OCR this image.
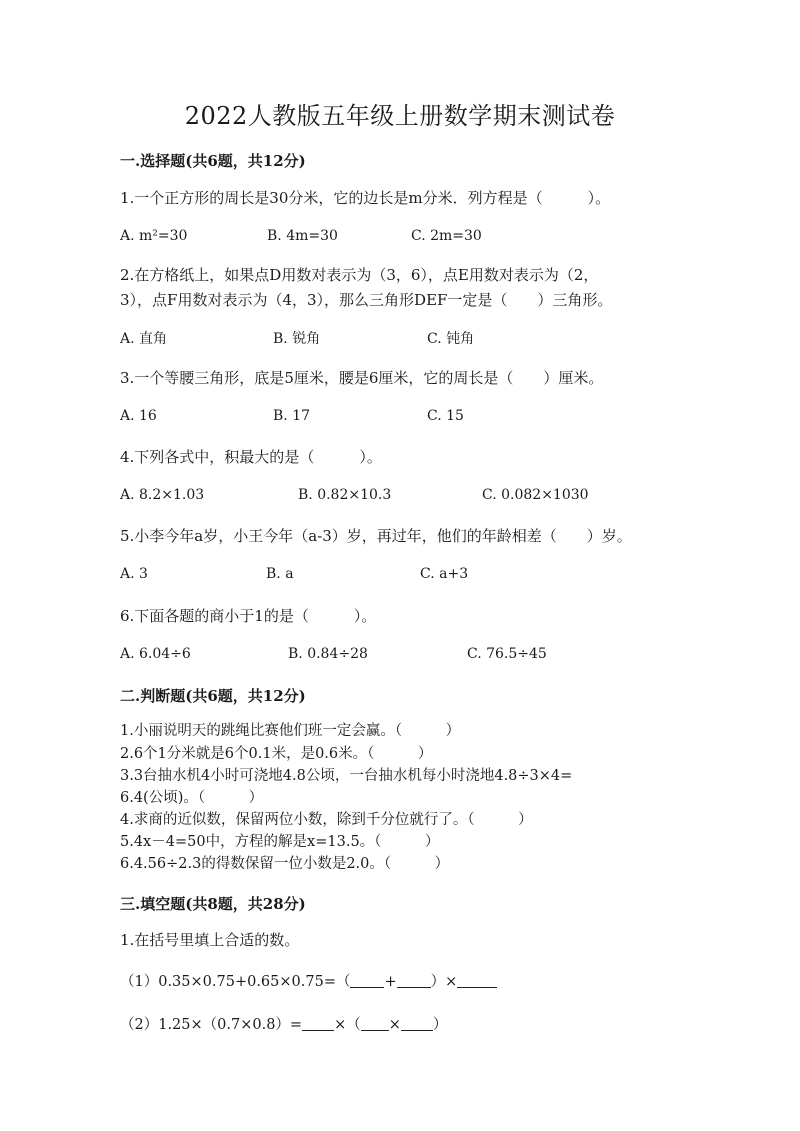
2022人教版五年级上册数学期末测试卷
一.选择题(共6题，共12分)
1.一个正方形的周长是30分米，它的边长是m分米．列方程是（　　　）。
A. m²=30	B. 4m=30	C. 2m=30
2.在方格纸上，如果点D用数对表示为（3，6），点E用数对表示为（2，
3），点F用数对表示为（4，3），那么三角形DEF一定是（　　）三角形。
A. 直角	B. 锐角	C. 钝角
3.一个等腰三角形，底是5厘米，腰是6厘米，它的周长是（　　）厘米。
A. 16	B. 17	C. 15
4.下列各式中，积最大的是（　　　）。
A. 8.2×1.03	B. 0.82×10.3	C. 0.082×1030
5.小李今年a岁，小王今年（a-3）岁，再过年，他们的年龄相差（　　）岁。
A. 3	B. a	C. a+3
6.下面各题的商小于1的是（　　　）。
A. 6.04÷6	B. 0.84÷28	C. 76.5÷45
二.判断题(共6题，共12分)
1.小丽说明天的跳绳比赛他们班一定会赢。（　　　）
2.6个1分米就是6个0.1米，是0.6米。（　　　）
3.3台抽水机4小时可浇地4.8公顷，一台抽水机每小时浇地4.8÷3×4=
6.4(公顷)。（　　　）
4.求商的近似数，保留两位小数，除到千分位就行了。（　　　）
5.4x－4=50中，方程的解是x=13.5。（　　　）
6.4.56÷2.3的得数保留一位小数是2.0。（　　　）
三.填空题(共8题，共28分)
1.在括号里填上合适的数。
（1）0.35×0.75+0.65×0.75=（ + ）×
（2）1.25×（0.7×0.8）= ×（ × ）
